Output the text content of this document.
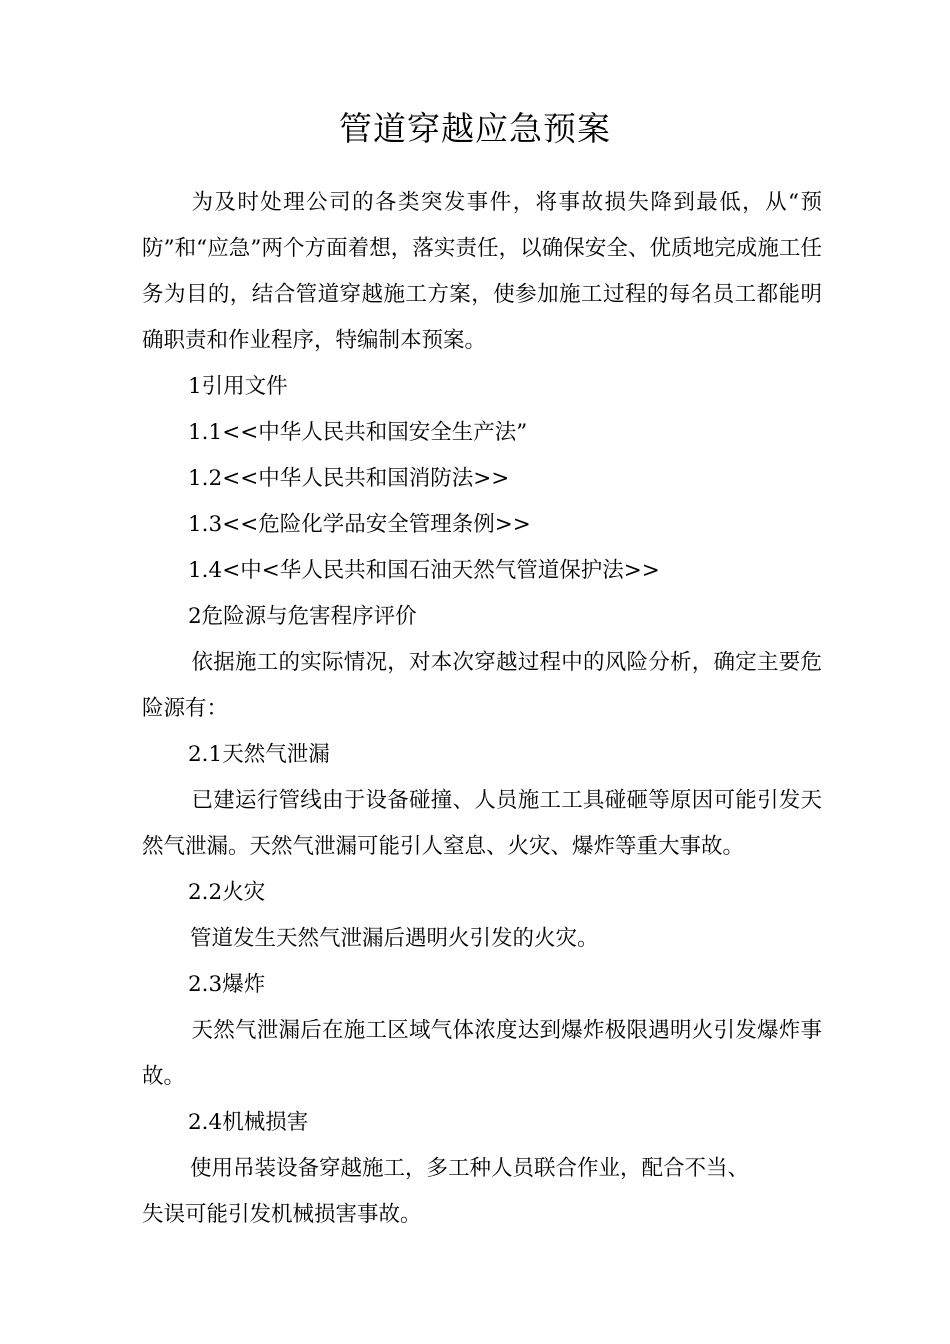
管道穿越应急预案

为及时处理公司的各类突发事件，将事故损失降到最低，从“预防”和“应急”两个方面着想，落实责任，以确保安全、优质地完成施工任务为目的，结合管道穿越施工方案，使参加施工过程的每名员工都能明确职责和作业程序，特编制本预案。

1引用文件

1.1<<中华人民共和国安全生产法”

1.2<<中华人民共和国消防法>>

1.3<<危险化学品安全管理条例>>

1.4<中<华人民共和国石油天然气管道保护法>>

2危险源与危害程序评价

依据施工的实际情况，对本次穿越过程中的风险分析，确定主要危险源有：

2.1天然气泄漏

已建运行管线由于设备碰撞、人员施工工具碰砸等原因可能引发天然气泄漏。天然气泄漏可能引人窒息、火灾、爆炸等重大事故。

2.2火灾

管道发生天然气泄漏后遇明火引发的火灾。

2.3爆炸

天然气泄漏后在施工区域气体浓度达到爆炸极限遇明火引发爆炸事故。

2.4机械损害

使用吊装设备穿越施工，多工种人员联合作业，配合不当、

失误可能引发机械损害事故。
